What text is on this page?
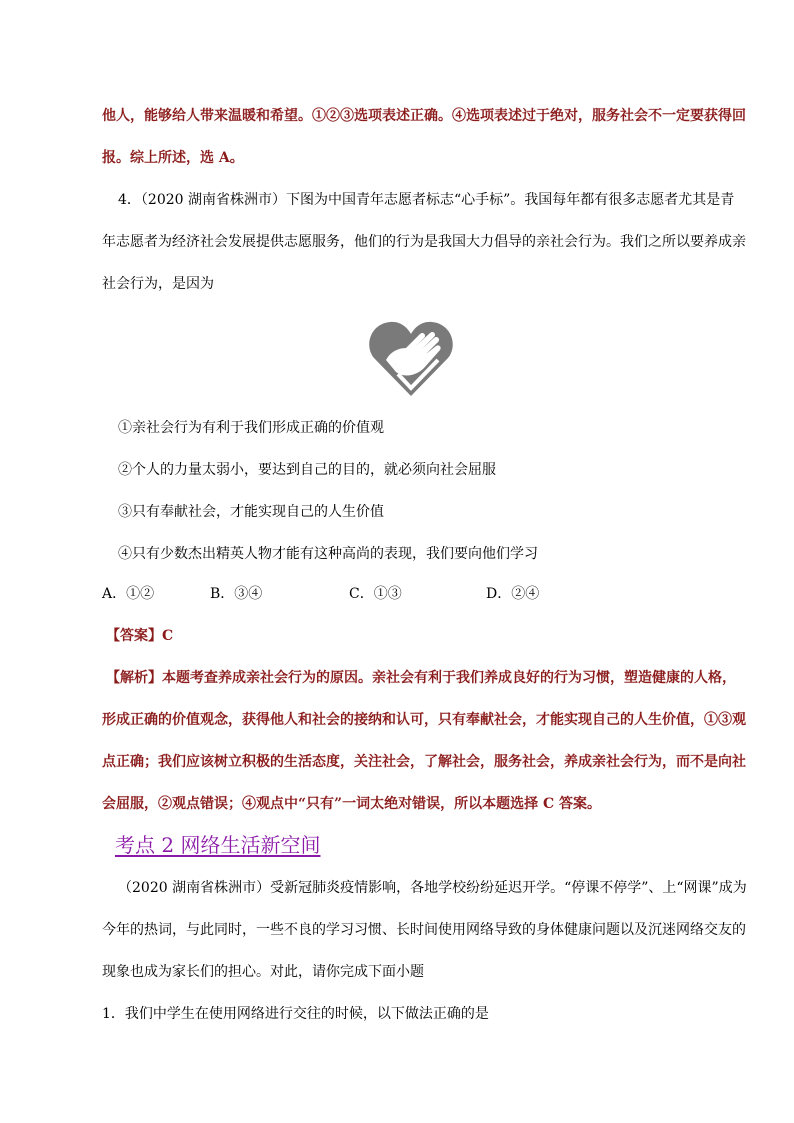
他人，能够给人带来温暖和希望。①②③选项表述正确。④选项表述过于绝对，服务社会不一定要获得回
报。综上所述，选 A。
4．（2020 湖南省株洲市）下图为中国青年志愿者标志“心手标”。我国每年都有很多志愿者尤其是青
年志愿者为经济社会发展提供志愿服务，他们的行为是我国大力倡导的亲社会行为。我们之所以要养成亲
社会行为，是因为
①亲社会行为有利于我们形成正确的价值观
②个人的力量太弱小，要达到自己的目的，就必须向社会屈服
③只有奉献社会，才能实现自己的人生价值
④只有少数杰出精英人物才能有这种高尚的表现，我们要向他们学习
A．①②	B．③④	C．①③	D．②④
【答案】C
【解析】本题考查养成亲社会行为的原因。亲社会有利于我们养成良好的行为习惯，塑造健康的人格，
形成正确的价值观念，获得他人和社会的接纳和认可，只有奉献社会，才能实现自己的人生价值，①③观
点正确；我们应该树立积极的生活态度，关注社会，了解社会，服务社会，养成亲社会行为，而不是向社
会屈服，②观点错误；④观点中“只有”一词太绝对错误，所以本题选择 C 答案。
考点 2 网络生活新空间
（2020 湖南省株洲市）受新冠肺炎疫情影响，各地学校纷纷延迟开学。“停课不停学”、上“网课”成为
今年的热词，与此同时，一些不良的学习习惯、长时间使用网络导致的身体健康问题以及沉迷网络交友的
现象也成为家长们的担心。对此，请你完成下面小题
1．我们中学生在使用网络进行交往的时候，以下做法正确的是
